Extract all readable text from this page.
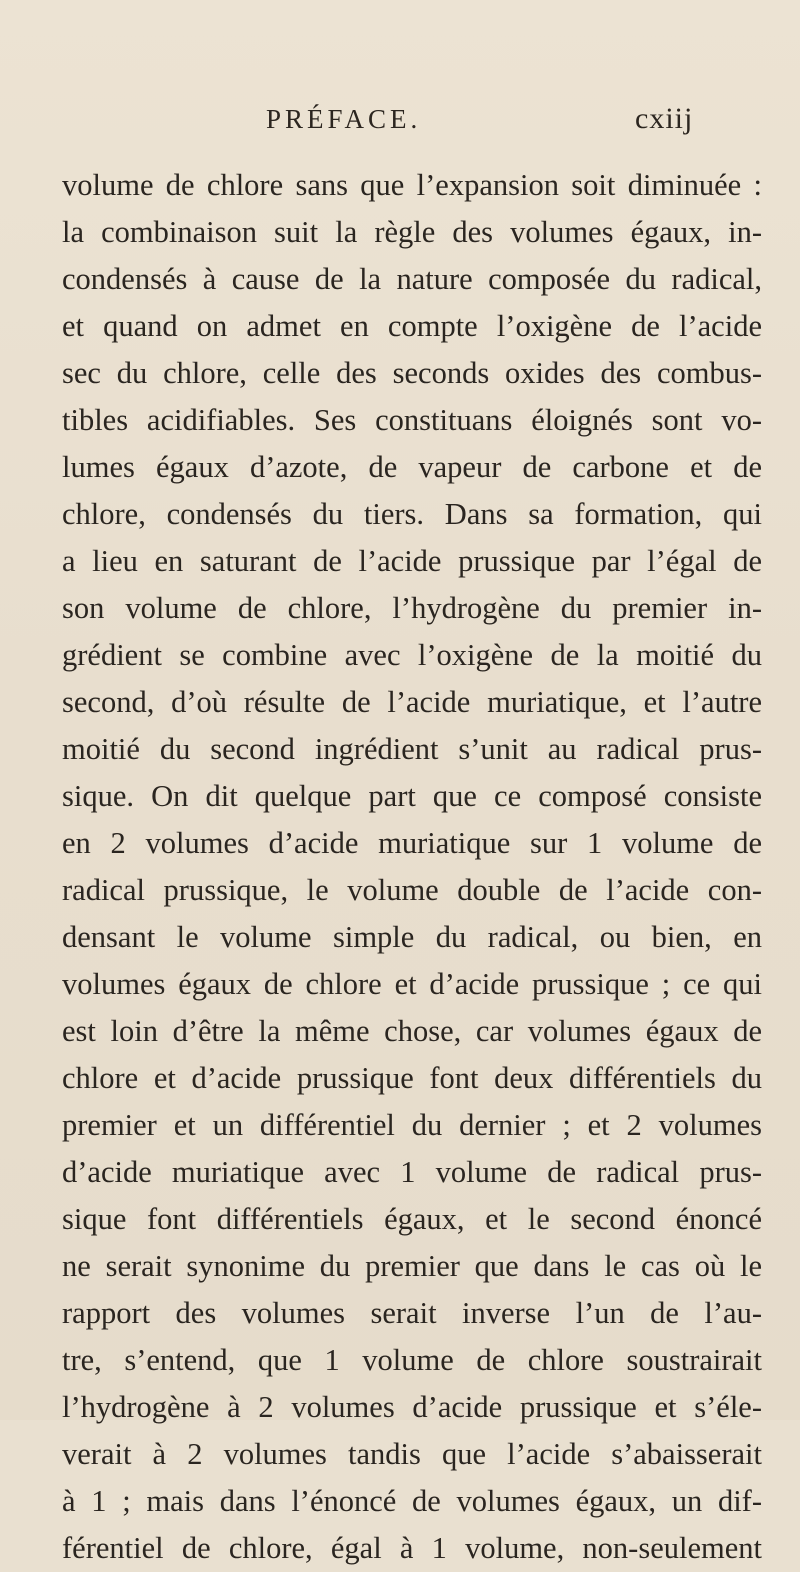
PRÉFACE.	cxiij
volume de chlore sans que l’expansion soit diminuée :
la combinaison suit la règle des volumes égaux, in-
condensés à cause de la nature composée du radical,
et quand on admet en compte l’oxigène de l’acide
sec du chlore, celle des seconds oxides des combus-
tibles acidifiables. Ses constituans éloignés sont vo-
lumes égaux d’azote, de vapeur de carbone et de
chlore, condensés du tiers. Dans sa formation, qui
a lieu en saturant de l’acide prussique par l’égal de
son volume de chlore, l’hydrogène du premier in-
grédient se combine avec l’oxigène de la moitié du
second, d’où résulte de l’acide muriatique, et l’autre
moitié du second ingrédient s’unit au radical prus-
sique. On dit quelque part que ce composé consiste
en 2 volumes d’acide muriatique sur 1 volume de
radical prussique, le volume double de l’acide con-
densant le volume simple du radical, ou bien, en
volumes égaux de chlore et d’acide prussique ; ce qui
est loin d’être la même chose, car volumes égaux de
chlore et d’acide prussique font deux différentiels du
premier et un différentiel du dernier ; et 2 volumes
d’acide muriatique avec 1 volume de radical prus-
sique font différentiels égaux, et le second énoncé
ne serait synonime du premier que dans le cas où le
rapport des volumes serait inverse l’un de l’au-
tre, s’entend, que 1 volume de chlore soustrairait
l’hydrogène à 2 volumes d’acide prussique et s’éle-
verait à 2 volumes tandis que l’acide s’abaisserait
à 1 ; mais dans l’énoncé de volumes égaux, un dif-
férentiel de chlore, égal à 1 volume, non-seulement
